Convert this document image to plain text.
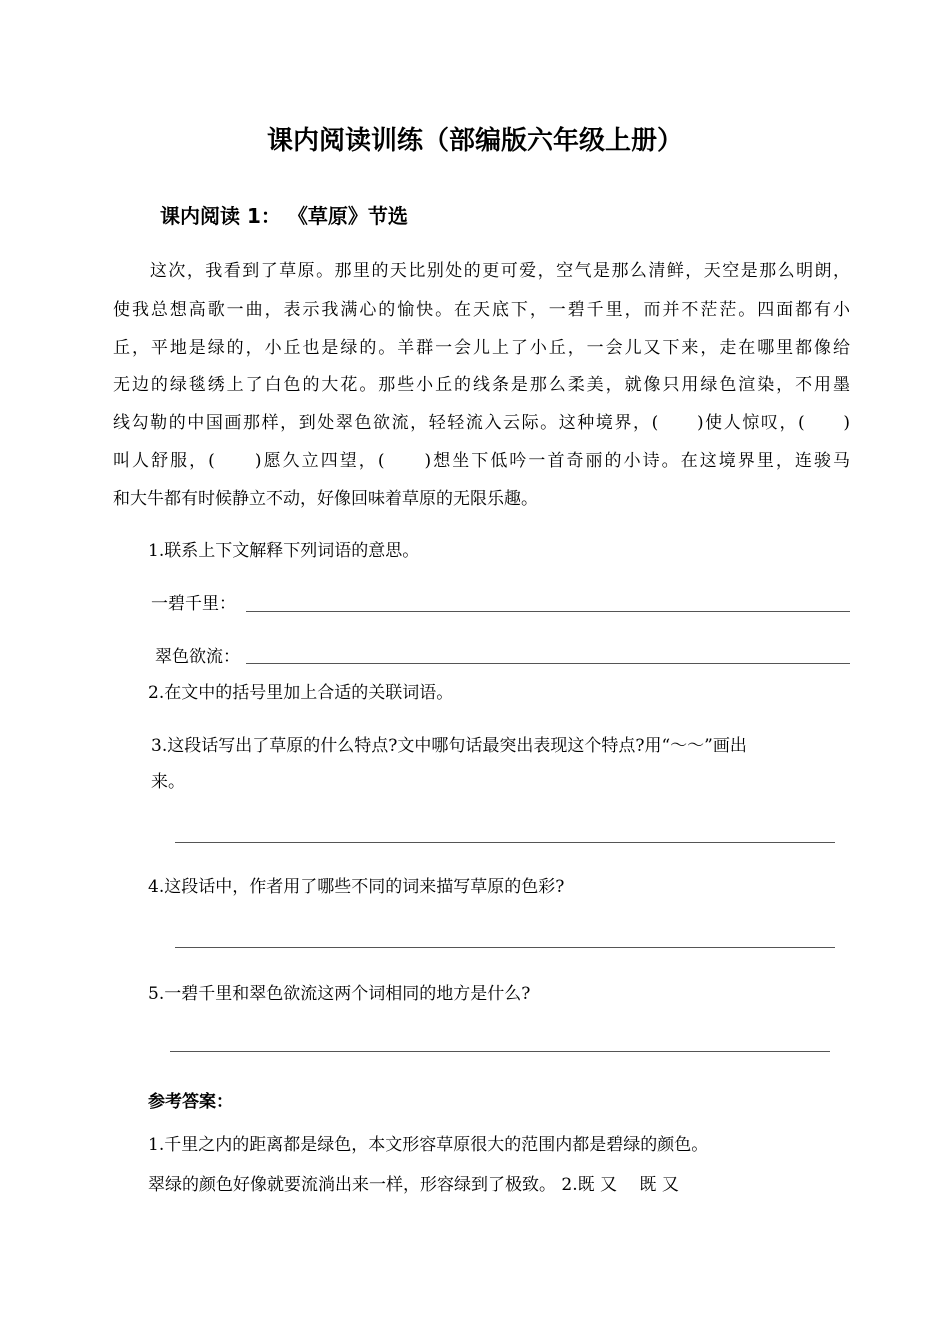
课内阅读训练（部编版六年级上册）
课内阅读 1： 《草原》节选
　　这次，我看到了草原。那里的天比别处的更可爱，空气是那么清鲜，天空是那么明朗，
使我总想高歌一曲，表示我满心的愉快。在天底下，一碧千里，而并不茫茫。四面都有小
丘，平地是绿的，小丘也是绿的。羊群一会儿上了小丘，一会儿又下来，走在哪里都像给
无边的绿毯绣上了白色的大花。那些小丘的线条是那么柔美，就像只用绿色渲染，不用墨
线勾勒的中国画那样，到处翠色欲流，轻轻流入云际。这种境界，(　　)使人惊叹，(　　)
叫人舒服，(　　)愿久立四望，(　　)想坐下低吟一首奇丽的小诗。在这境界里，连骏马
和大牛都有时候静立不动，好像回味着草原的无限乐趣。
1.联系上下文解释下列词语的意思。
一碧千里：
翠色欲流：
2.在文中的括号里加上合适的关联词语。
3.这段话写出了草原的什么特点?文中哪句话最突出表现这个特点?用“～～”画出
来。
4.这段话中，作者用了哪些不同的词来描写草原的色彩?
5.一碧千里和翠色欲流这两个词相同的地方是什么?
参考答案：
1.千里之内的距离都是绿色，本文形容草原很大的范围内都是碧绿的颜色。
翠绿的颜色好像就要流淌出来一样，形容绿到了极致。 2.既 又　 既 又
